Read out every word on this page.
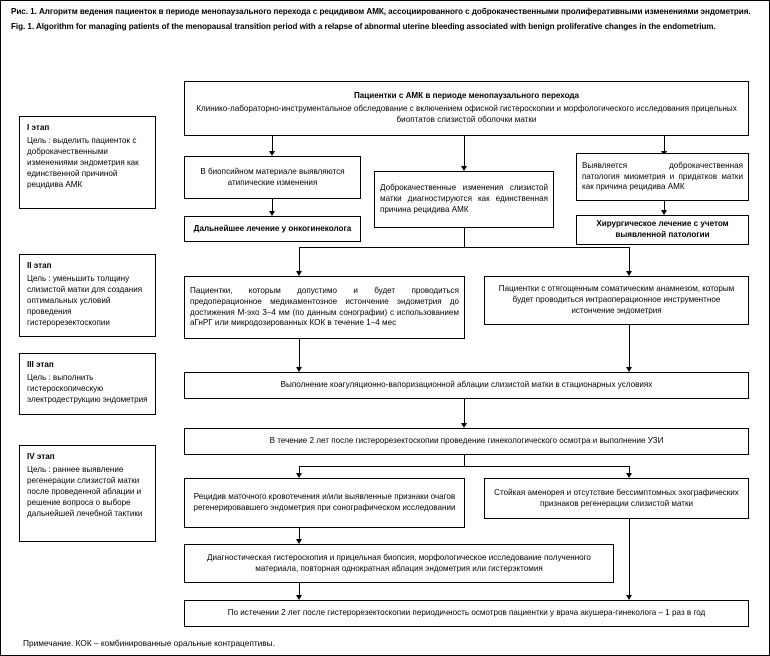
Рис. 1. Алгоритм ведения пациенток в периоде менопаузального перехода с рецидивом АМК, ассоциированного с доброкачественными пролиферативными изменениями эндометрия.
Fig. 1. Algorithm for managing patients of the menopausal transition period with a relapse of abnormal uterine bleeding associated with benign proliferative changes in the endometrium.
I этап
Цель : выделить пациенток с доброкачественными изменениями эндометрия как единственной причиной рецидива АМК
II этап
Цель : уменьшить толщину слизистой матки для создания оптимальных условий проведения гистерорезектоскопии
III этап
Цель : выполнить гистероскопическую электродеструкцию эндометрия
IV этап
Цель : раннее выявление регенерации слизистой матки после проведенной аблации и решение вопроса о выборе дальнейшей лечебной тактики
Пациентки с АМК в периоде менопаузального перехода
Клинико-лабораторно-инструментальное обследование с включением офисной гистероскопии и морфологического исследования прицельных биоптатов слизистой оболочки матки
В биопсийном материале выявляются атипические изменения
Доброкачественные изменения слизистой матки диагностируются как единственная причина рецидива АМК
Выявляется доброкачественная патология миометрия и придатков матки как причина рецидива АМК
Дальнейшее лечение у онкогинеколога	Хирургическое лечение с учетом выявленной патологии
Пациентки, которым допустимо и будет проводиться предоперационное медикаментозное истончение эндометрия до достижения М-эхо 3–4 мм (по данным сонографии) с использованием аГнРГ или микродозированных КОК в течение 1–4 мес
Пациентки с отягощенным соматическим анамнезом, которым будет проводиться интраоперационное инструментное истончение эндометрия
Выполнение коагуляционно-вапоризационной аблации слизистой матки в стационарных условиях
В течение 2 лет после гистерорезектоскопии проведение гинекологического осмотра и выполнение УЗИ
Рецидив маточного кровотечения и/или выявленные признаки очагов регенерировавшего эндометрия при сонографическом исследовании
Стойкая аменорея и отсутствие бессимптомных эхографических признаков регенерации слизистой матки
Диагностическая гистероскопия и прицельная биопсия, морфологическое исследование полученного материала, повторная однократная аблация эндометрия или гистерэктомия
По истечении 2 лет после гистерорезектоскопии периодичность осмотров пациентки у врача акушера-гинеколога – 1 раз в год
Примечание. КОК – комбинированные оральные контрацептивы.
